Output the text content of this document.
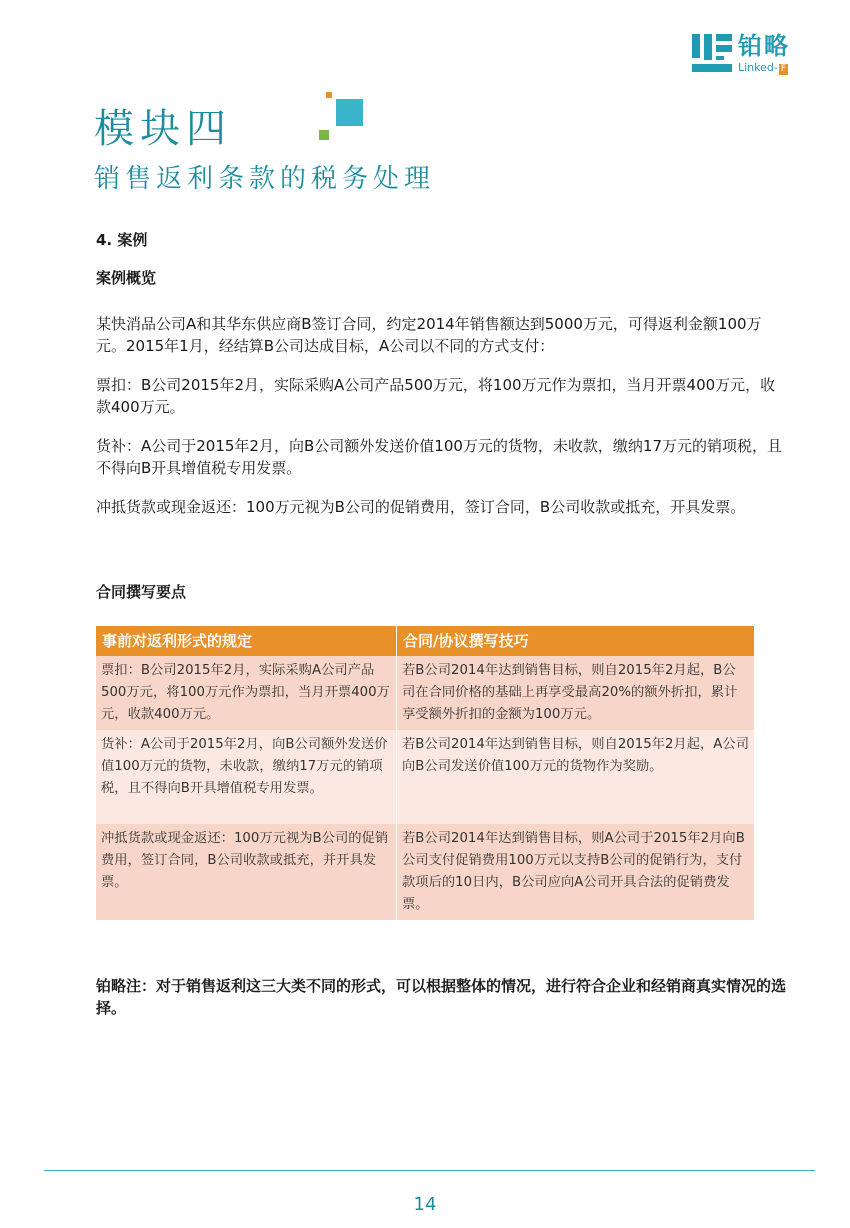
铂略
Linked- F
模块四
销售返利条款的税务处理

4. 案例

案例概览

某快消品公司A和其华东供应商B签订合同，约定2014年销售额达到5000万元，可得返利金额100万元。2015年1月，经结算B公司达成目标，A公司以不同的方式支付：

票扣：B公司2015年2月，实际采购A公司产品500万元，将100万元作为票扣，当月开票400万元，收款400万元。

货补：A公司于2015年2月，向B公司额外发送价值100万元的货物，未收款，缴纳17万元的销项税，且不得向B开具增值税专用发票。

冲抵货款或现金返还：100万元视为B公司的促销费用，签订合同，B公司收款或抵充，开具发票。

合同撰写要点

事前对返利形式的规定	合同/协议撰写技巧
票扣：B公司2015年2月，实际采购A公司产品500万元，将100万元作为票扣，当月开票400万元，收款400万元。	若B公司2014年达到销售目标，则自2015年2月起，B公司在合同价格的基础上再享受最高20%的额外折扣，累计享受额外折扣的金额为100万元。
货补：A公司于2015年2月，向B公司额外发送价值100万元的货物，未收款，缴纳17万元的销项税，且不得向B开具增值税专用发票。	若B公司2014年达到销售目标，则自2015年2月起，A公司向B公司发送价值100万元的货物作为奖励。
冲抵货款或现金返还：100万元视为B公司的促销费用，签订合同，B公司收款或抵充，并开具发票。	若B公司2014年达到销售目标，则A公司于2015年2月向B公司支付促销费用100万元以支持B公司的促销行为，支付款项后的10日内，B公司应向A公司开具合法的促销费发票。

铂略注：对于销售返利这三大类不同的形式，可以根据整体的情况，进行符合企业和经销商真实情况的选择。

14
